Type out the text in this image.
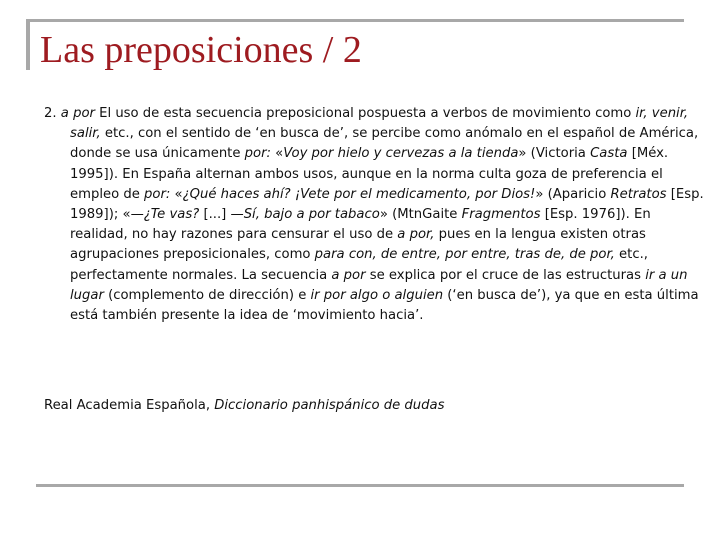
Las preposiciones / 2

2. a por El uso de esta secuencia preposicional pospuesta a verbos de movimiento como ir, venir, salir, etc., con el sentido de ‘en busca de’, se percibe como anómalo en el español de América, donde se usa únicamente por: «Voy por hielo y cervezas a la tienda» (Victoria Casta [Méx. 1995]). En España alternan ambos usos, aunque en la norma culta goza de preferencia el empleo de por: «¿Qué haces ahí? ¡Vete por el medicamento, por Dios!» (Aparicio Retratos [Esp. 1989]); «—¿Te vas? [...] —Sí, bajo a por tabaco» (MtnGaite Fragmentos [Esp. 1976]). En realidad, no hay razones para censurar el uso de a por, pues en la lengua existen otras agrupaciones preposicionales, como para con, de entre, por entre, tras de, de por, etc., perfectamente normales. La secuencia a por se explica por el cruce de las estructuras ir a un lugar (complemento de dirección) e ir por algo o alguien (‘en busca de’), ya que en esta última está también presente la idea de ‘movimiento hacia’.

Real Academia Española, Diccionario panhispánico de dudas
